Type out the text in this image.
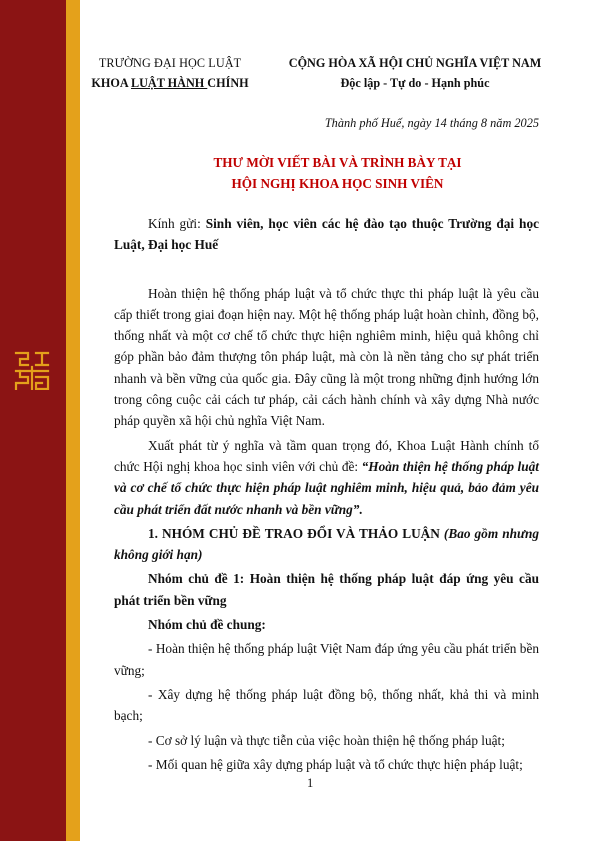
TRƯỜNG ĐẠI HỌC LUẬT
KHOA LUẬT HÀNH CHÍNH
CỘNG HÒA XÃ HỘI CHỦ NGHĨA VIỆT NAM
Độc lập - Tự do - Hạnh phúc
Thành phố Huế, ngày 14 tháng 8 năm 2025
THƯ MỜI VIẾT BÀI VÀ TRÌNH BÀY TẠI
HỘI NGHỊ KHOA HỌC SINH VIÊN

Kính gửi: Sinh viên, học viên các hệ đào tạo thuộc Trường đại học Luật, Đại học Huế

Hoàn thiện hệ thống pháp luật và tổ chức thực thi pháp luật là yêu cầu cấp thiết trong giai đoạn hiện nay. Một hệ thống pháp luật hoàn chỉnh, đồng bộ, thống nhất và một cơ chế tổ chức thực hiện nghiêm minh, hiệu quả không chỉ góp phần bảo đảm thượng tôn pháp luật, mà còn là nền tảng cho sự phát triển nhanh và bền vững của quốc gia. Đây cũng là một trong những định hướng lớn trong công cuộc cải cách tư pháp, cải cách hành chính và xây dựng Nhà nước pháp quyền xã hội chủ nghĩa Việt Nam.

Xuất phát từ ý nghĩa và tầm quan trọng đó, Khoa Luật Hành chính tổ chức Hội nghị khoa học sinh viên với chủ đề: “Hoàn thiện hệ thống pháp luật và cơ chế tổ chức thực hiện pháp luật nghiêm minh, hiệu quả, bảo đảm yêu cầu phát triển đất nước nhanh và bền vững”.

1. NHÓM CHỦ ĐỀ TRAO ĐỔI VÀ THẢO LUẬN (Bao gồm nhưng không giới hạn)

Nhóm chủ đề 1: Hoàn thiện hệ thống pháp luật đáp ứng yêu cầu phát triển bền vững

Nhóm chủ đề chung:

- Hoàn thiện hệ thống pháp luật Việt Nam đáp ứng yêu cầu phát triển bền vững;

- Xây dựng hệ thống pháp luật đồng bộ, thống nhất, khả thi và minh bạch;

- Cơ sở lý luận và thực tiễn của việc hoàn thiện hệ thống pháp luật;

- Mối quan hệ giữa xây dựng pháp luật và tổ chức thực hiện pháp luật;

1
